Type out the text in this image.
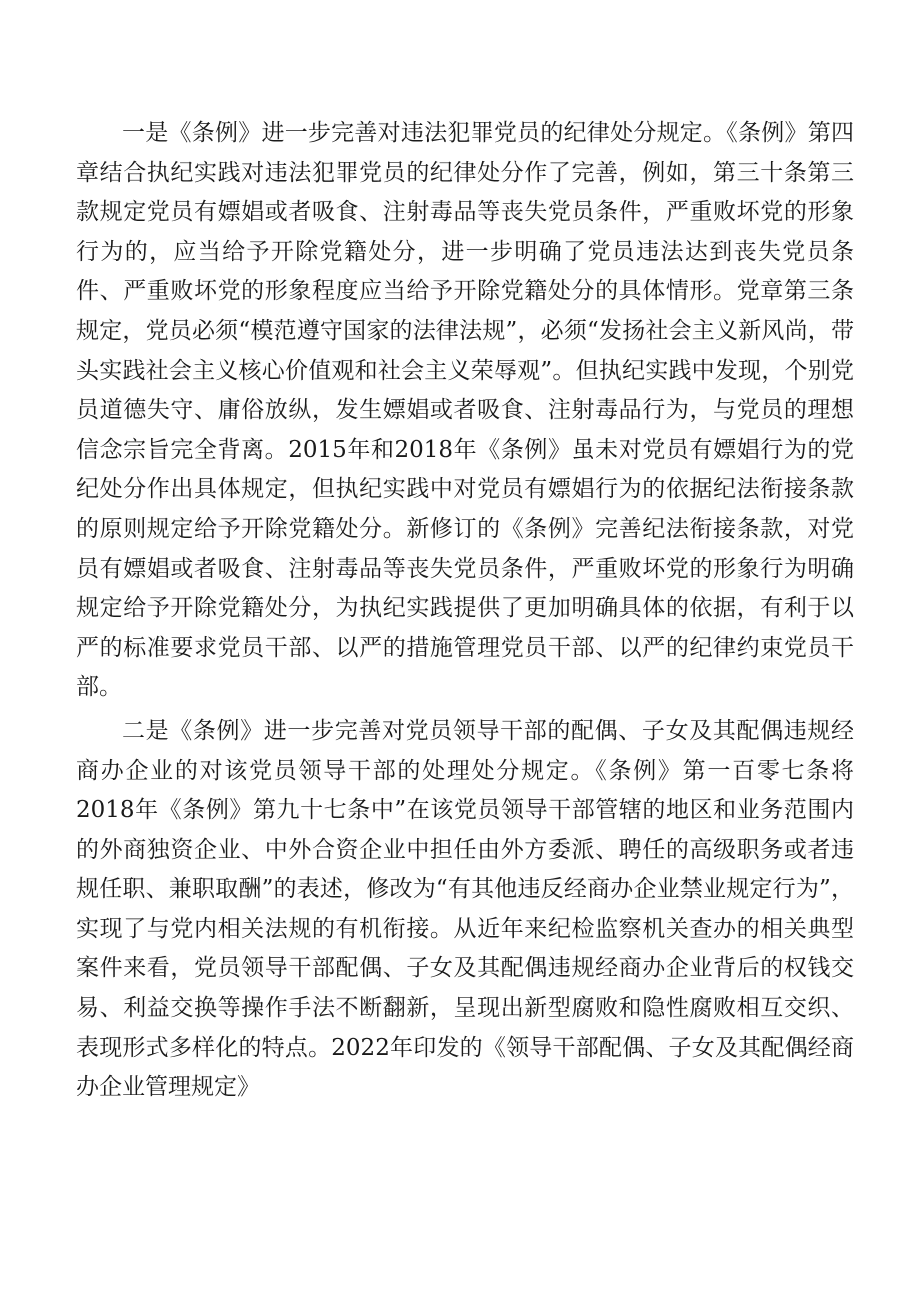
一是《条例》进一步完善对违法犯罪党员的纪律处分规定。《条例》第四章结合执纪实践对违法犯罪党员的纪律处分作了完善，例如，第三十条第三款规定党员有嫖娼或者吸食、注射毒品等丧失党员条件，严重败坏党的形象行为的，应当给予开除党籍处分，进一步明确了党员违法达到丧失党员条件、严重败坏党的形象程度应当给予开除党籍处分的具体情形。党章第三条规定，党员必须“模范遵守国家的法律法规”，必须“发扬社会主义新风尚，带头实践社会主义核心价值观和社会主义荣辱观”。但执纪实践中发现，个别党员道德失守、庸俗放纵，发生嫖娼或者吸食、注射毒品行为，与党员的理想信念宗旨完全背离。2015年和2018年《条例》虽未对党员有嫖娼行为的党纪处分作出具体规定，但执纪实践中对党员有嫖娼行为的依据纪法衔接条款的原则规定给予开除党籍处分。新修订的《条例》完善纪法衔接条款，对党员有嫖娼或者吸食、注射毒品等丧失党员条件，严重败坏党的形象行为明确规定给予开除党籍处分，为执纪实践提供了更加明确具体的依据，有利于以严的标准要求党员干部、以严的措施管理党员干部、以严的纪律约束党员干部。

二是《条例》进一步完善对党员领导干部的配偶、子女及其配偶违规经商办企业的对该党员领导干部的处理处分规定。《条例》第一百零七条将2018年《条例》第九十七条中”在该党员领导干部管辖的地区和业务范围内的外商独资企业、中外合资企业中担任由外方委派、聘任的高级职务或者违规任职、兼职取酬”的表述，修改为“有其他违反经商办企业禁业规定行为”，实现了与党内相关法规的有机衔接。从近年来纪检监察机关查办的相关典型案件来看，党员领导干部配偶、子女及其配偶违规经商办企业背后的权钱交易、利益交换等操作手法不断翻新，呈现出新型腐败和隐性腐败相互交织、表现形式多样化的特点。2022年印发的《领导干部配偶、子女及其配偶经商办企业管理规定》
